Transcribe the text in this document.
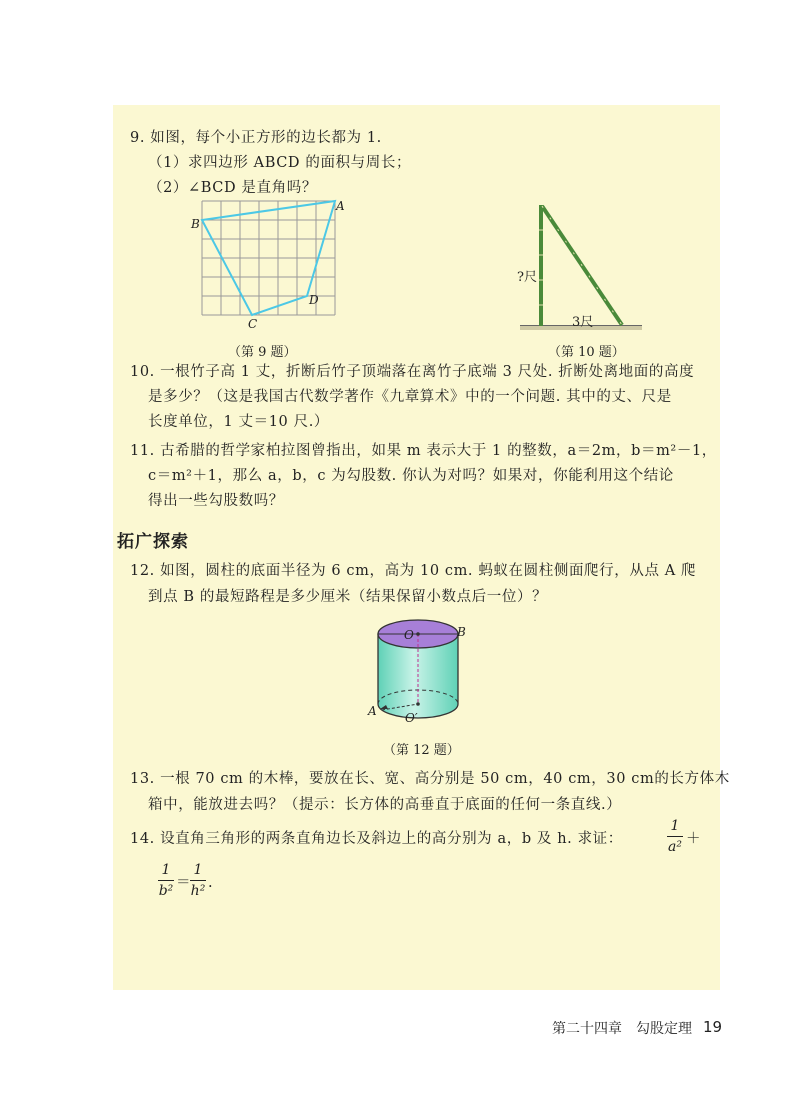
9. 如图，每个小正方形的边长都为 1.
（1）求四边形 ABCD 的面积与周长；
（2）∠BCD 是直角吗？
A
B
C
D
（第 9 题）
?尺
3尺
（第 10 题）
10. 一根竹子高 1 丈，折断后竹子顶端落在离竹子底端 3 尺处. 折断处离地面的高度
是多少？（这是我国古代数学著作《九章算术》中的一个问题. 其中的丈、尺是
长度单位，1 丈＝10 尺.）
11. 古希腊的哲学家柏拉图曾指出，如果 m 表示大于 1 的整数，a＝2m，b＝m²－1，
c＝m²＋1，那么 a，b，c 为勾股数. 你认为对吗？如果对，你能利用这个结论
得出一些勾股数吗？
拓广探索
12. 如图，圆柱的底面半径为 6 cm，高为 10 cm. 蚂蚁在圆柱侧面爬行，从点 A 爬
到点 B 的最短路程是多少厘米（结果保留小数点后一位）？
O	B
A O′
（第 12 题）
13. 一根 70 cm 的木棒，要放在长、宽、高分别是 50 cm，40 cm，30 cm的长方体木
箱中，能放进去吗？（提示：长方体的高垂直于底面的任何一条直线.）
14. 设直角三角形的两条直角边长及斜边上的高分别为 a，b 及 h. 求证：
1
a² ＋
1
b² ＝
1
h² .
第二十四章　勾股定理 19
